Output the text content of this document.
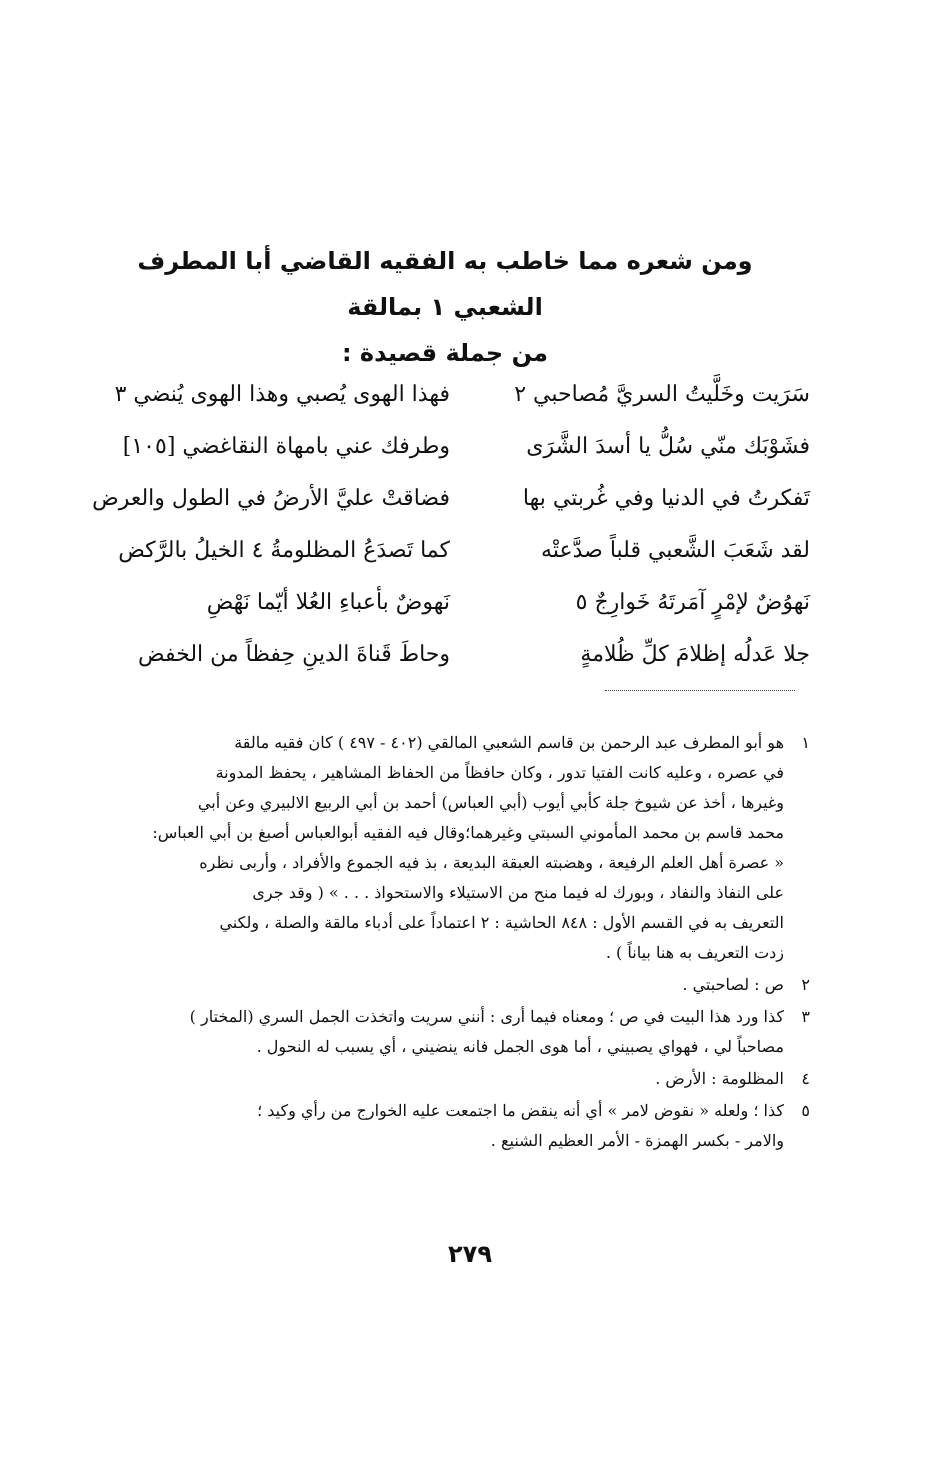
ومن شعره مما خاطب به الفقيه القاضي أبا المطرف الشعبي ١ بمالقة
من جملة قصيدة :
سَرَيت وخَلَّيتُ السريَّ مُصاحبي ٢
فهذا الهوى يُصبي وهذا الهوى يُنضي ٣
فشَوْبَك منّي سُلُّ يا أسدَ الشَّرَى
وطرفك عني بامهاة النقاغضي [١٠٥]
تَفكرتُ في الدنيا وفي غُربتي بها
فضاقتْ عليَّ الأرضُ في الطول والعرض
لقد شَعَبَ الشَّعبي قلباً صدَّعتْه
كما تَصدَعُ المظلومةُ ٤ الخيلُ بالرَّكض
نَهوُضٌ لإمْرٍ آمَرتَهُ خَوارِجٌ ٥
نَهوضٌ بأعباءِ العُلا أيّما نَهْضِ
جلا عَدلُه إظلامَ كلِّ ظُلامةٍ
وحاطَ قَناةَ الدينِ حِفظاً من الخفض
١
هو أبو المطرف عبد الرحمن بن قاسم الشعبي المالقي (٤٠٢ - ٤٩٧ ) كان فقيه مالقة
في عصره ، وعليه كانت الفتيا تدور ، وكان حافظاً من الحفاظ المشاهير ، يحفظ المدونة
وغيرها ، أخذ عن شيوخ جلة كأبي أيوب (أبي العباس) أحمد بن أبي الربيع الالبيري وعن أبي
محمد قاسم بن محمد المأموني السبتي وغيرهما؛وقال فيه الفقيه أبوالعباس أصبغ بن أبي العباس:
« عصرة أهل العلم الرفيعة ، وهضبته العبقة البديعة ، بذ فيه الجموع والأفراد ، وأربى نظره
على النفاذ والنفاد ، وبورك له فيما منح من الاستيلاء والاستحواذ . . . » ( وقد جرى
التعريف به في القسم الأول : ٨٤٨ الحاشية : ٢ اعتماداً على أدباء مالقة والصلة ، ولكني
زدت التعريف به هنا بياناً ) .
٢
ص : لصاحبتي .
٣
كذا ورد هذا البيت في ص ؛ ومعناه فيما أرى : أنني سريت واتخذت الجمل السري (المختار )
مصاحباً لي ، فهواي يصبيني ، أما هوى الجمل فانه ينضيني ، أي يسبب له النحول .
٤
المظلومة : الأرض .
٥
كذا ؛ ولعله « نقوض لامر » أي أنه ينقض ما اجتمعت عليه الخوارج من رأي وكيد ؛
والامر - بكسر الهمزة - الأمر العظيم الشنيع .
٢٧٩
